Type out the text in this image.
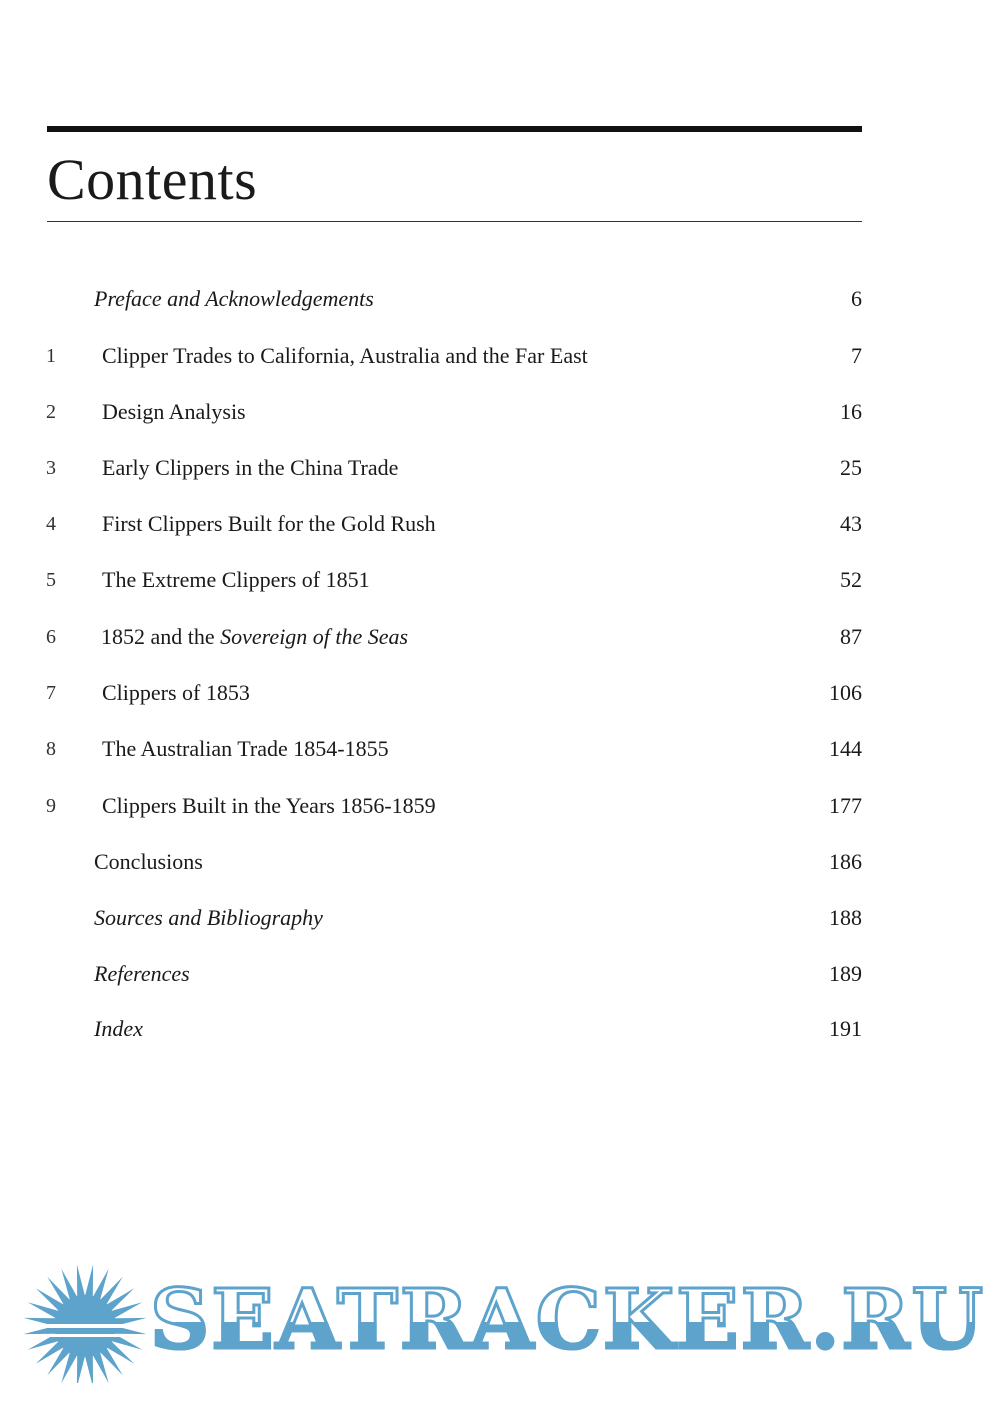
Contents
Preface and Acknowledgements	6
1	Clipper Trades to California, Australia and the Far East	7
2	Design Analysis	16
3	Early Clippers in the China Trade	25
4	First Clippers Built for the Gold Rush	43
5	The Extreme Clippers of 1851	52
6	1852 and the Sovereign of the Seas	87
7	Clippers of 1853	106
8	The Australian Trade 1854-1855	144
9	Clippers Built in the Years 1856-1859	177
Conclusions	186
Sources and Bibliography	188
References	189
Index	191
SEATRACKER.RU
